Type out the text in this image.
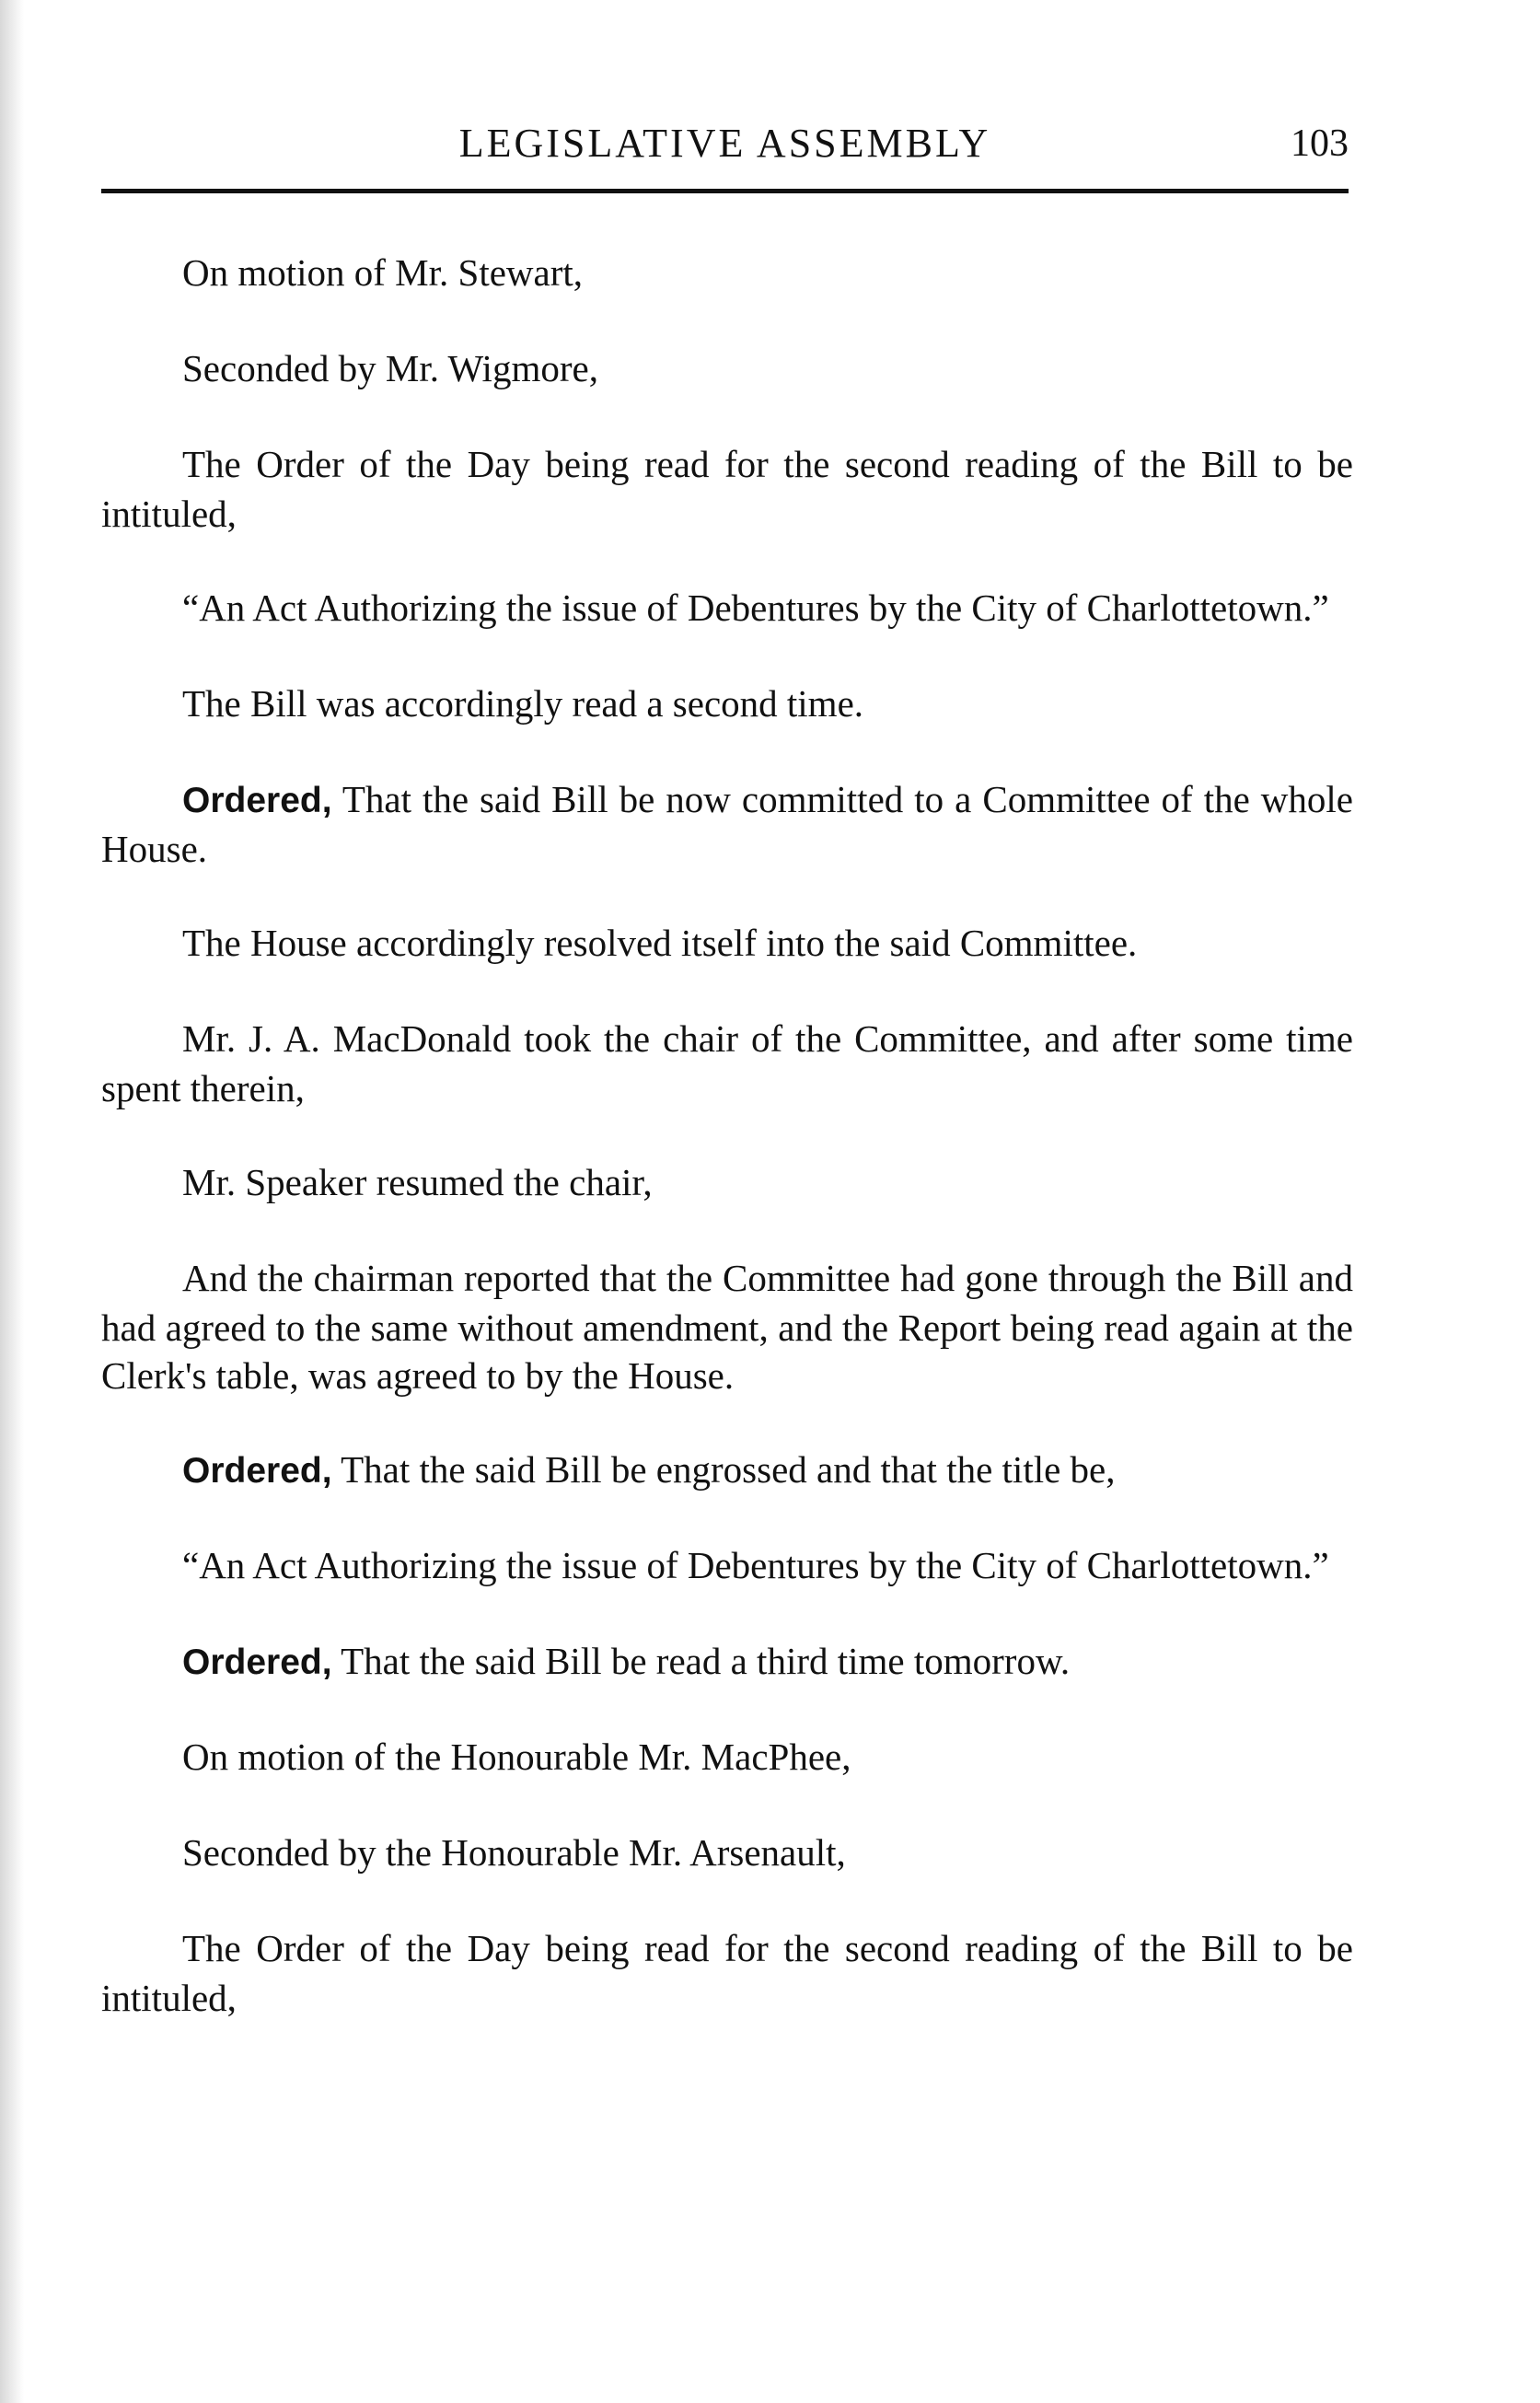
LEGISLATIVE ASSEMBLY	103

On motion of Mr. Stewart,

Seconded by Mr. Wigmore,

The Order of the Day being read for the second reading of the Bill to be intituled,

“An Act Authorizing the issue of Debentures by the City of Charlottetown.”

The Bill was accordingly read a second time.

Ordered, That the said Bill be now committed to a Committee of the whole House.

The House accordingly resolved itself into the said Committee.

Mr. J. A. MacDonald took the chair of the Committee, and after some time spent therein,

Mr. Speaker resumed the chair,

And the chairman reported that the Committee had gone through the Bill and had agreed to the same without amendment, and the Report being read again at the Clerk's table, was agreed to by the House.

Ordered, That the said Bill be engrossed and that the title be,

“An Act Authorizing the issue of Debentures by the City of Charlottetown.”

Ordered, That the said Bill be read a third time tomorrow.

On motion of the Honourable Mr. MacPhee,

Seconded by the Honourable Mr. Arsenault,

The Order of the Day being read for the second reading of the Bill to be intituled,
